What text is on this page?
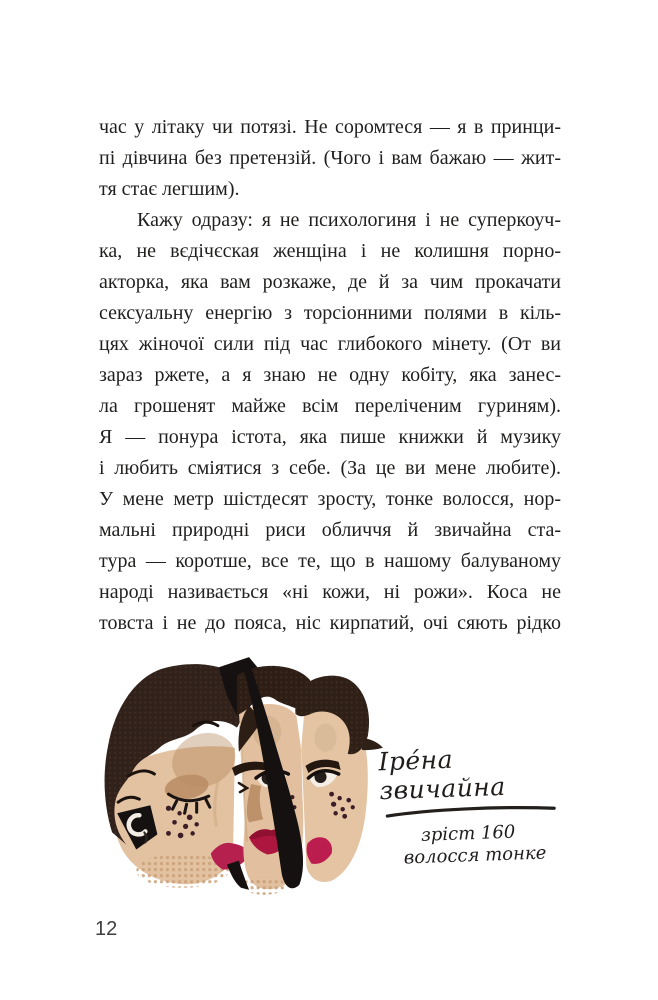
час у літаку чи потязі. Не соромтеся — я в принци-
пі дівчина без претензій. (Чого і вам бажаю — жит-
тя стає легшим).
Кажу одразу: я не психологиня і не суперкоуч-
ка, не вєдічєская женщіна і не колишня порно-
акторка, яка вам розкаже, де й за чим прокачати
сексуальну енергію з торсіонними полями в кіль-
цях жіночої сили під час глибокого мінету. (От ви
зараз ржете, а я знаю не одну кобіту, яка занес-
ла грошенят майже всім переліченим гуриням).
Я — понура істота, яка пише книжки й музику
і любить сміятися з себе. (За це ви мене любите).
У мене метр шістдесят зросту, тонке волосся, нор-
мальні природні риси обличчя й звичайна ста-
тура — коротше, все те, що в нашому балуваному
народі називається «ні кожи, ні рожи». Коса не
товста і не до пояса, ніс кирпатий, очі сяють рідко
Іре́на звичайна
зріст 160
волосся тонке
12
